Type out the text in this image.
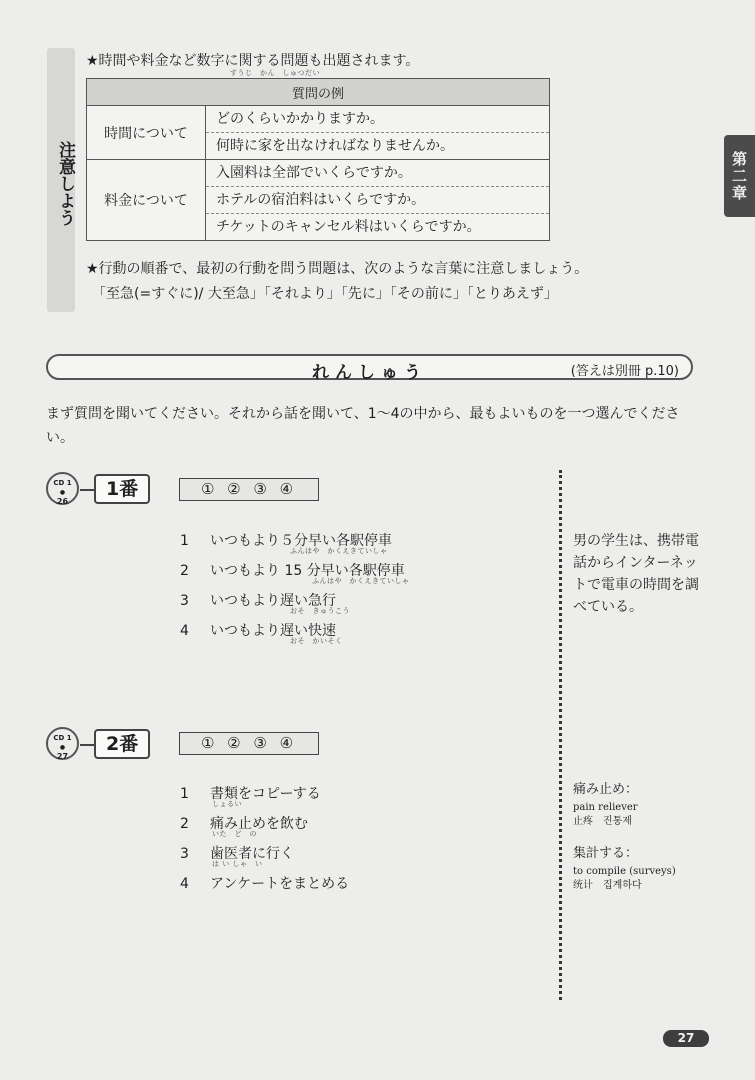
第二章
注意しよう
★時間や料金など数字に関する問題も出題されます。
すうじ　かん　しゅつだい
質問の例	
時間について	どのくらいかかりますか。
何時に家を出なければなりませんか。

料金について	入園料は全部でいくらですか。
ホテルの宿泊料はいくらですか。
チケットのキャンセル料はいくらですか。
★行動の順番で、最初の行動を問う問題は、次のような言葉に注意しましょう。
「至急(=すぐに)/ 大至急」「それより」「先に」「その前に」「とりあえず」
れんしゅう	(答えは別冊 p.10)
まず質問を聞いてください。それから話を聞いて、1～4の中から、最もよいものを一つ選んでください。
CD 1
●
26
1番	① ② ③ ④
1 いつもより５分早い各駅停車
ふんはや　かくえきていしゃ
2 いつもより 15 分早い各駅停車
ふんはや　かくえきていしゃ
3 いつもより遅い急行
おそ　きゅうこう
4 いつもより遅い快速
おそ　かいそく
男の学生は、携帯電話からインターネットで電車の時間を調べている。
CD 1
●
27
2番	① ② ③ ④
1 書類をコピーする
しょるい
2 痛み止めを飲む
いた　ど　の
3 歯医者に行く
は い しゃ　い
4 アンケートをまとめる
痛み止め：
pain reliever
止疼　진통제
集計する：
to compile (surveys)
统计　집계하다
27
